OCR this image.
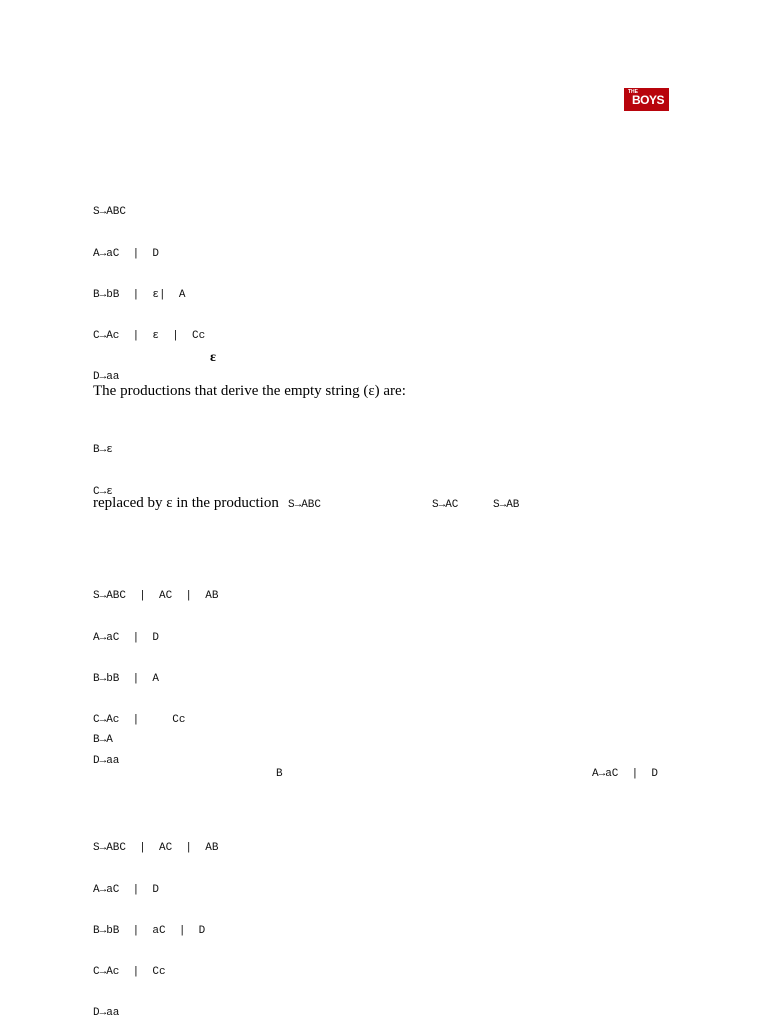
THE
BOYS

S→ABC

A→aC  |  D

B→bB  |  ε|  A

C→Ac  |  ε  |  Cc

D→aa

ε
The productions that derive the empty string (ε) are:

B→ε

C→ε

replaced by ε in the production S→ABC	S→AC	S→AB

S→ABC  |  AC  |  AB

A→aC  |  D

B→bB  |  A

C→Ac  |     Cc

D→aa

B→A
B	A→aC  |  D

S→ABC  |  AC  |  AB

A→aC  |  D

B→bB  |  aC  |  D

C→Ac  |  Cc

D→aa
